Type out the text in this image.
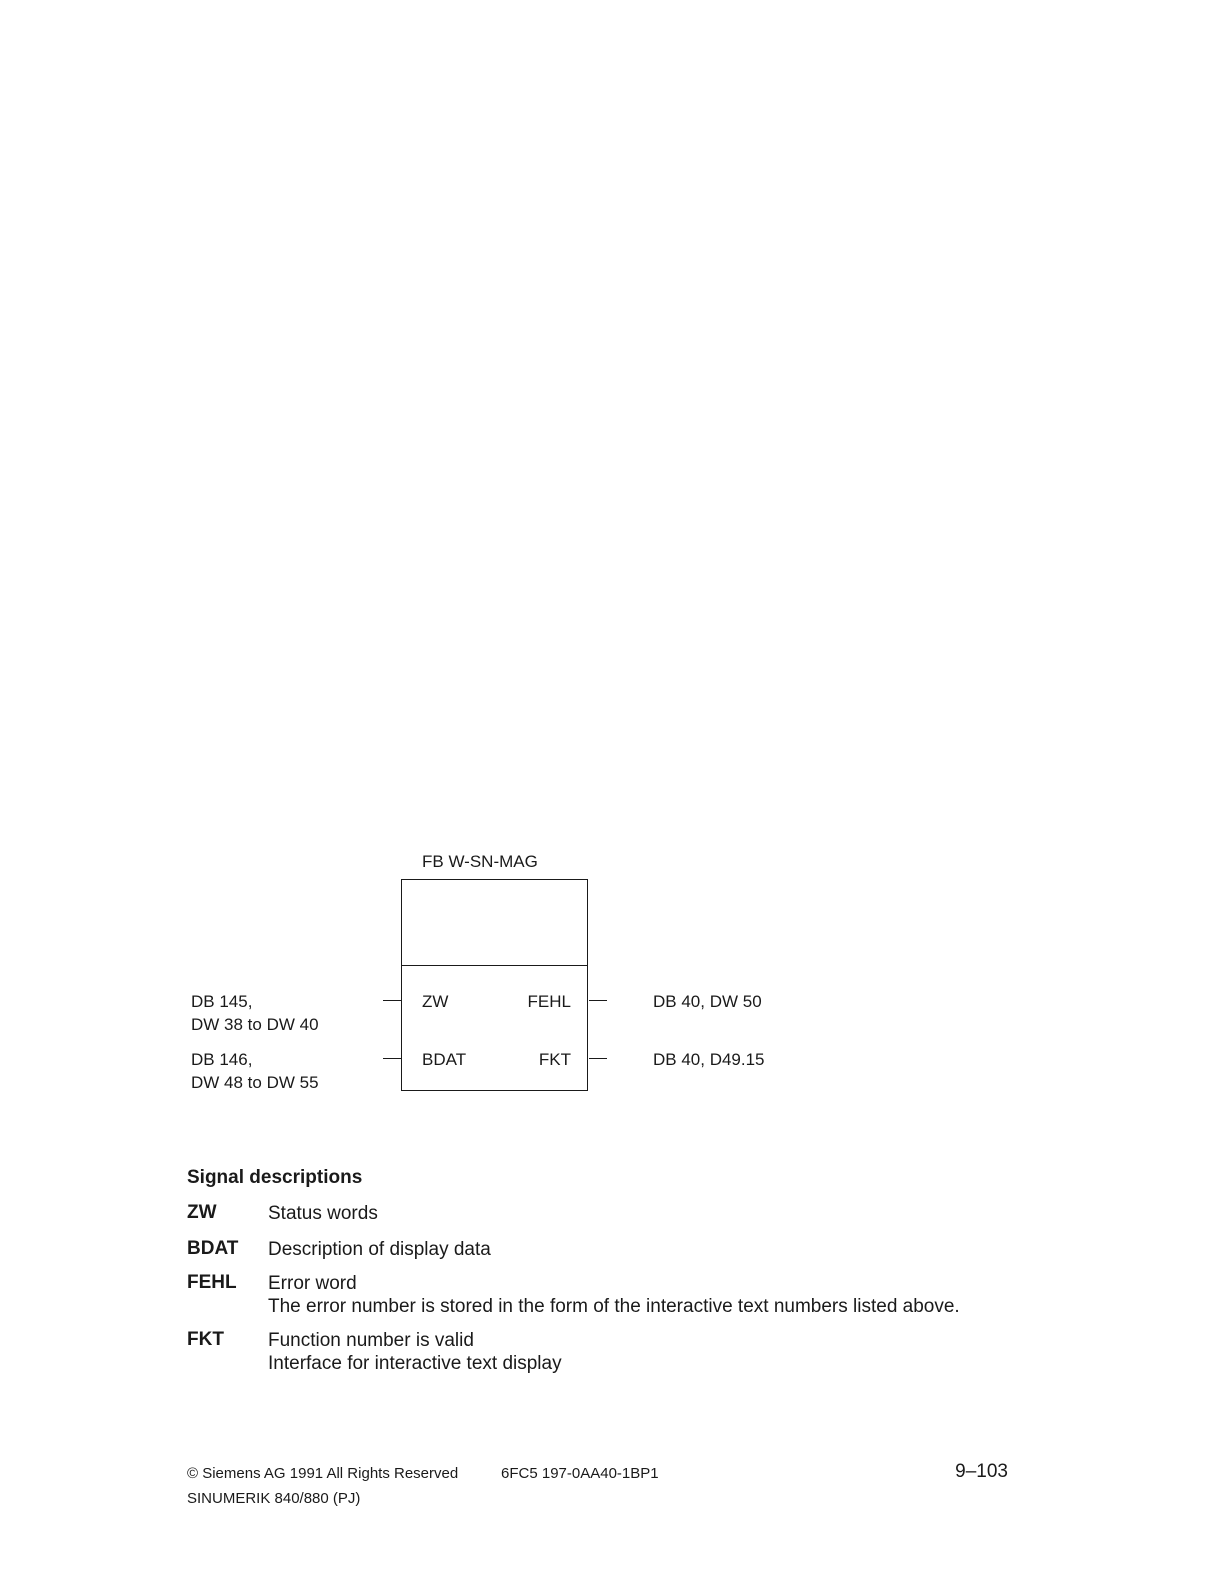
FB W-SN-MAG
DB 145,
DW 38 to DW 40
ZW
DB 146,
DW 48 to DW 55
BDAT
FEHL	DB 40, DW 50
FKT	DB 40, D49.15
Signal descriptions
ZW	Status words
BDAT Description of display data
FEHL Error word
The error number is stored in the form of the interactive text numbers listed above.
FKT Function number is valid
Interface for interactive text display
© Siemens AG 1991 All Rights Reserved	6FC5 197-0AA40-1BP1	9–103
SINUMERIK 840/880 (PJ)
